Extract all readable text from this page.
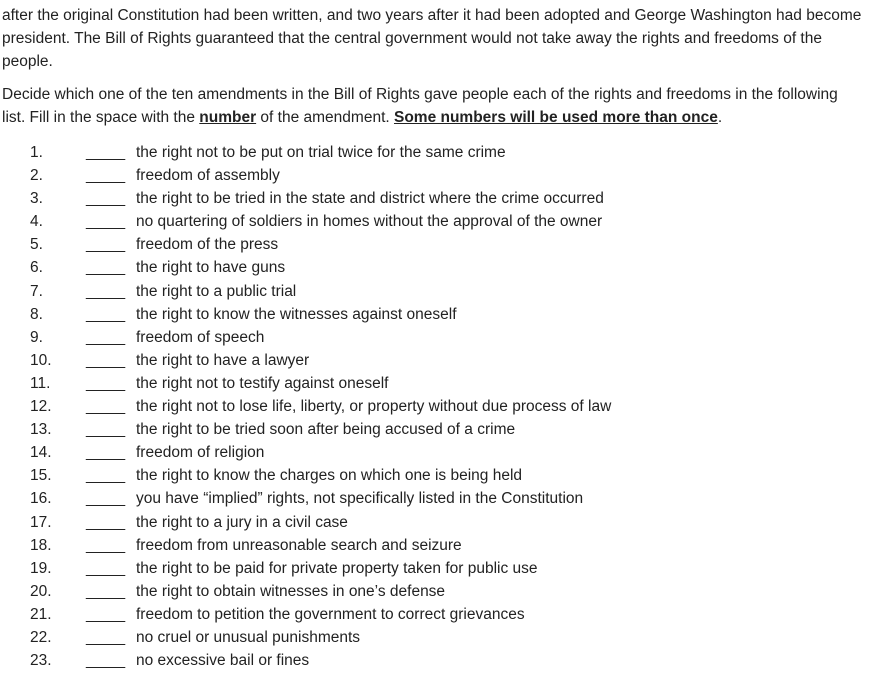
after the original Constitution had been written, and two years after it had been adopted and George Washington had become president. The Bill of Rights guaranteed that the central government would not take away the rights and freedoms of the people.

Decide which one of the ten amendments in the Bill of Rights gave people each of the rights and freedoms in the following list. Fill in the space with the number of the amendment. Some numbers will be used more than once.

1.	_____ the right not to be put on trial twice for the same crime
2.	_____ freedom of assembly
3.	_____ the right to be tried in the state and district where the crime occurred
4.	_____ no quartering of soldiers in homes without the approval of the owner
5.	_____ freedom of the press
6.	_____ the right to have guns
7.	_____ the right to a public trial
8.	_____ the right to know the witnesses against oneself
9.	_____ freedom of speech
10.	_____ the right to have a lawyer
11.	_____ the right not to testify against oneself
12.	_____ the right not to lose life, liberty, or property without due process of law
13.	_____ the right to be tried soon after being accused of a crime
14.	_____ freedom of religion
15.	_____ the right to know the charges on which one is being held
16.	_____ you have “implied” rights, not specifically listed in the Constitution
17.	_____ the right to a jury in a civil case
18.	_____ freedom from unreasonable search and seizure
19.	_____ the right to be paid for private property taken for public use
20.	_____ the right to obtain witnesses in one’s defense
21.	_____ freedom to petition the government to correct grievances
22.	_____ no cruel or unusual punishments
23.	_____ no excessive bail or fines
